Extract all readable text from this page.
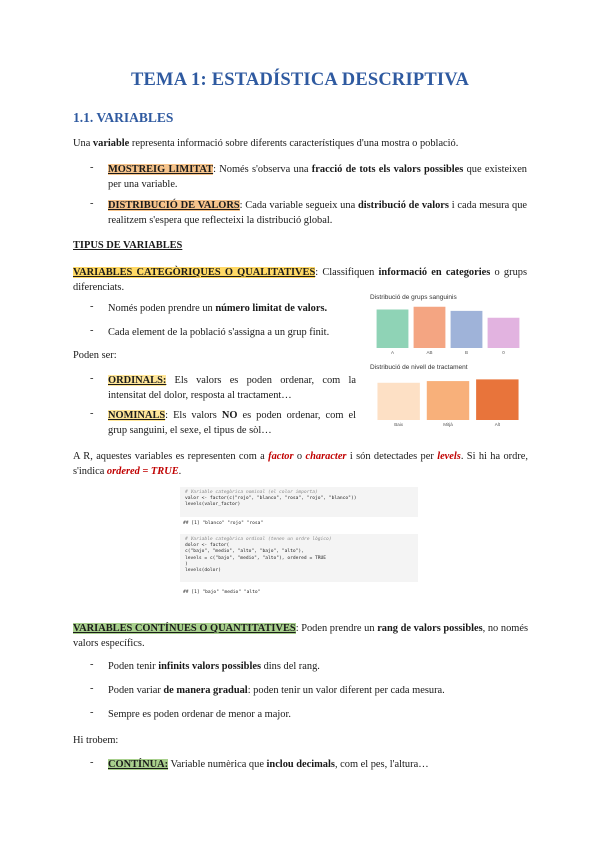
TEMA 1: ESTADÍSTICA DESCRIPTIVA
1.1. VARIABLES
Una variable representa informació sobre diferents característiques d'una mostra o població.
- MOSTREIG LIMITAT: Només s'observa una fracció de tots els valors possibles que existeixen per una variable.
- DISTRIBUCIÓ DE VALORS: Cada variable segueix una distribució de valors i cada mesura que realitzem s'espera que reflecteixi la distribució global.
TIPUS DE VARIABLES
VARIABLES CATEGÒRIQUES O QUALITATIVES: Classifiquen informació en categories o grups diferenciats.
- Només poden prendre un número limitat de valors.
- Cada element de la població s'assigna a un grup finit.
Poden ser:
- ORDINALS: Els valors es poden ordenar, com la intensitat del dolor, resposta al tractament…
- NOMINALS: Els valors NO es poden ordenar, com el grup sanguini, el sexe, el tipus de sòl…
Distribució de grups sanguinis
A	AB	B	0
Baix	Mitjà	Alt
Distribució de nivell de tractament
A R, aquestes variables es representen com a factor o character i són detectades per levels. Si hi ha ordre, s'indica ordered = TRUE.
# Variable categòrica nominal (el color importa)
valor <- factor(c("rojo", "blanco", "rosa", "rojo", "blanco"))
levels(valor_factor)
## [1] "blanco" "rojo" "rosa"
# Variable categòrica ordinal (tenen un ordre lògico)
dolor <- factor(
c("bajo", "medio", "alto", "bajo", "alto"),
levels = c("bajo", "medio", "alto"), ordered = TRUE
)
levels(dolor)
## [1] "bajo" "medio" "alto"
VARIABLES CONTÍNUES O QUANTITATIVES: Poden prendre un rang de valors possibles, no només valors específics.
- Poden tenir infinits valors possibles dins del rang.
- Poden variar de manera gradual: poden tenir un valor diferent per cada mesura.
- Sempre es poden ordenar de menor a major.
Hi trobem:
- CONTÍNUA: Variable numèrica que inclou decimals, com el pes, l'altura…
